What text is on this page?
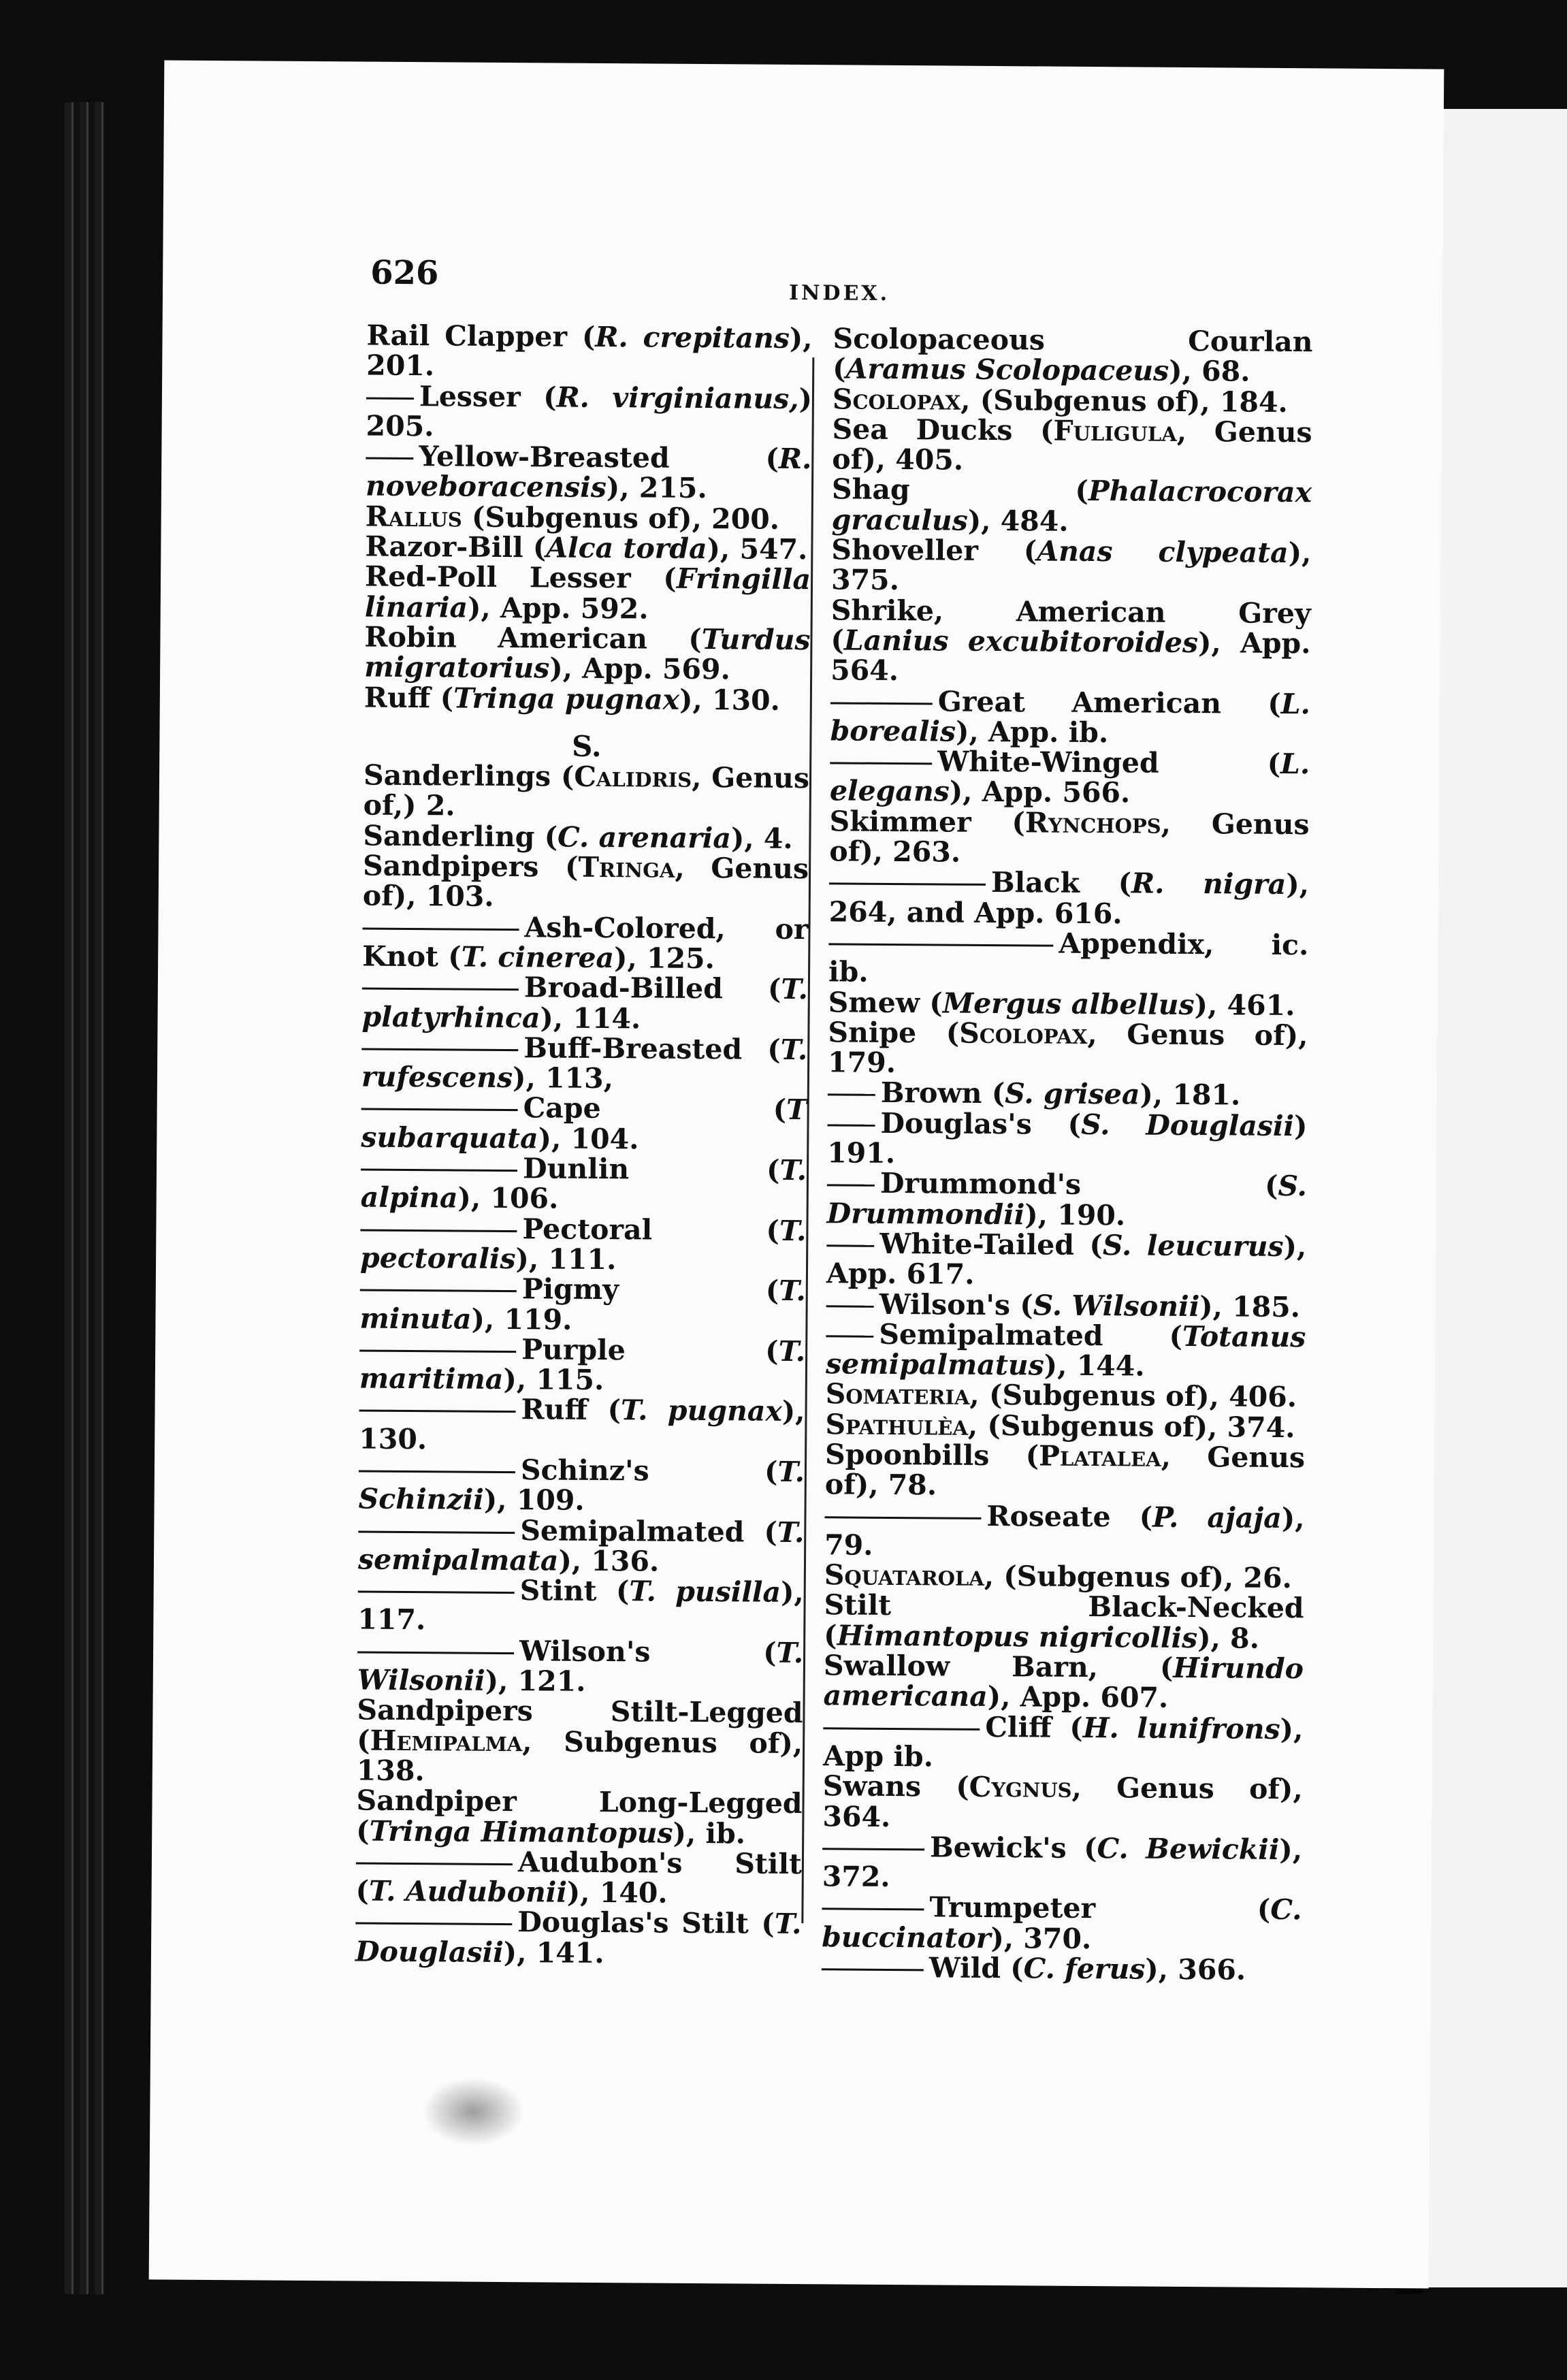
626
INDEX.
Rail Clapper (R. crepitans), 201.
Lesser (R. virginianus,) 205.
Yellow-Breasted (R. noveboracensis), 215.
Rallus (Subgenus of), 200.
Razor-Bill (Alca torda), 547.
Red-Poll Lesser (Fringilla linaria), App. 592.
Robin American (Turdus migratorius), App. 569.
Ruff (Tringa pugnax), 130.
S.
Sanderlings (Calidris, Genus of,) 2.
Sanderling (C. arenaria), 4.
Sandpipers (Tringa, Genus of), 103.
Ash-Colored, or Knot (T. cinerea), 125.
Broad-Billed (T. platyrhinca), 114.
Buff-Breasted (T. rufescens), 113,
Cape (T subarquata), 104.
Dunlin (T. alpina), 106.
Pectoral (T. pectoralis), 111.
Pigmy (T. minuta), 119.
Purple (T. maritima), 115.
Ruff (T. pugnax), 130.
Schinz's (T. Schinzii), 109.
Semipalmated (T. semipalmata), 136.
Stint (T. pusilla), 117.
Wilson's (T. Wilsonii), 121.
Sandpipers Stilt-Legged (Hemipalma, Subgenus of), 138.
Sandpiper Long-Legged (Tringa Himantopus), ib.
Audubon's Stilt (T. Audubonii), 140.
Douglas's Stilt (T. Douglasii), 141.
Scolopaceous Courlan (Aramus Scolopaceus), 68.
Scolopax, (Subgenus of), 184.
Sea Ducks (Fuligula, Genus of), 405.
Shag (Phalacrocorax graculus), 484.
Shoveller (Anas clypeata), 375.
Shrike, American Grey (Lanius excubitoroides), App. 564.
Great American (L. borealis), App. ib.
White-Winged (L. elegans), App. 566.
Skimmer (Rynchops, Genus of), 263.
Black (R. nigra), 264, and App. 616.
Appendix, ic. ib.
Smew (Mergus albellus), 461.
Snipe (Scolopax, Genus of), 179.
Brown (S. grisea), 181.
Douglas's (S. Douglasii) 191.
Drummond's (S. Drummondii), 190.
White-Tailed (S. leucurus), App. 617.
Wilson's (S. Wilsonii), 185.
Semipalmated (Totanus semipalmatus), 144.
Somateria, (Subgenus of), 406.
Spathulèa, (Subgenus of), 374.
Spoonbills (Platalea, Genus of), 78.
Roseate (P. ajaja), 79.
Squatarola, (Subgenus of), 26.
Stilt Black-Necked (Himantopus nigricollis), 8.
Swallow Barn, (Hirundo americana), App. 607.
Cliff (H. lunifrons), App ib.
Swans (Cygnus, Genus of), 364.
Bewick's (C. Bewickii), 372.
Trumpeter (C. buccinator), 370.
Wild (C. ferus), 366.
